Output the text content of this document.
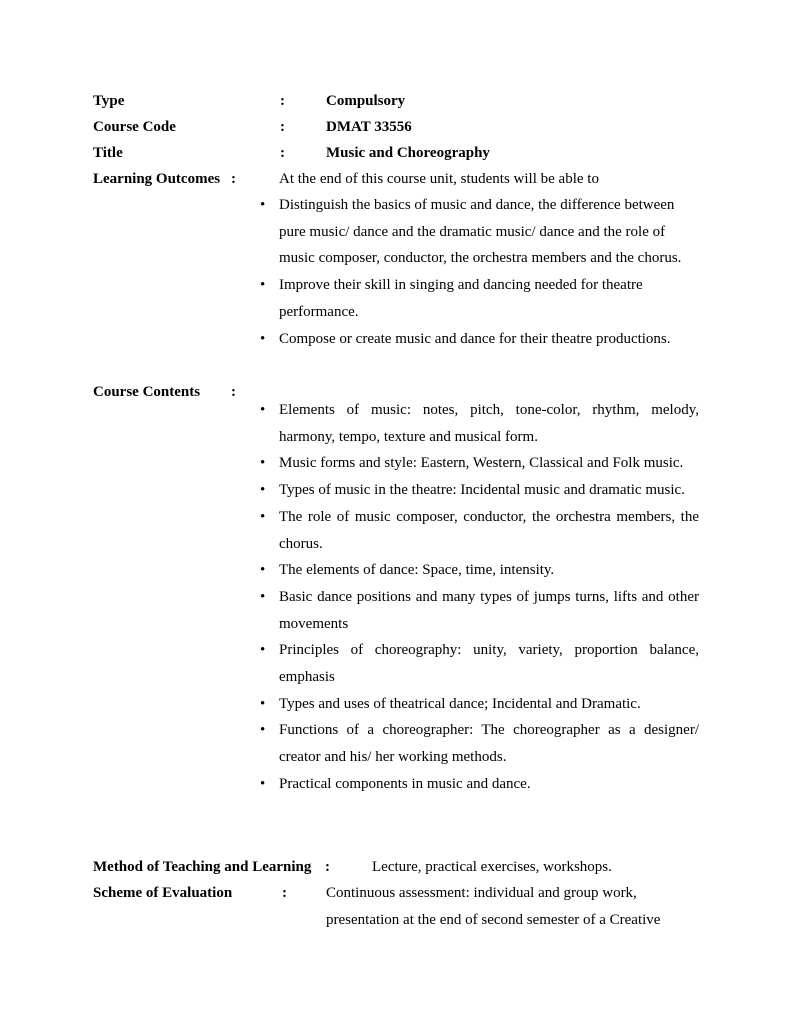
Type	:	Compulsory
Course Code	:	DMAT 33556
Title	:	Music and Choreography
Learning Outcomes :	At the end of this course unit, students will be able to
• Distinguish the basics of music and dance, the difference between pure music/ dance and the dramatic music/ dance and the role of music composer, conductor, the orchestra members and the chorus.
• Improve their skill in singing and dancing needed for theatre performance.
• Compose or create music and dance for their theatre productions.
Course Contents :
• Elements of music: notes, pitch, tone-color, rhythm, melody, harmony, tempo, texture and musical form.
• Music forms and style: Eastern, Western, Classical and Folk music.
• Types of music in the theatre: Incidental music and dramatic music.
• The role of music composer, conductor, the orchestra members, the chorus.
• The elements of dance: Space, time, intensity.
• Basic dance positions and many types of jumps turns, lifts and other movements
• Principles of choreography: unity, variety, proportion balance, emphasis
• Types and uses of theatrical dance; Incidental and Dramatic.
• Functions of a choreographer: The choreographer as a designer/ creator and his/ her working methods.
• Practical components in music and dance.
Method of Teaching and Learning :	Lecture, practical exercises, workshops.
Scheme of Evaluation	:	Continuous assessment: individual and group work, presentation at the end of second semester of a Creative
